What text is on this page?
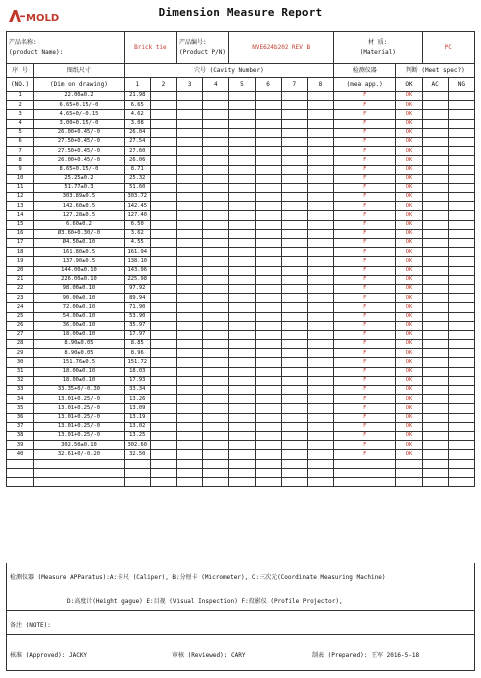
MOLD	Dimension Measure Report
产品名称:
(product Name):		Brick tie		产品编号:
(Product P/N)		NVE624b202 REV B				材 质:
(Material)		PC	
序 号	图纸尺寸	穴号 (Cavity Number)								检测仪器	判断 (Meet spec?)		
(NO.)	(Dim on drawing)	1	2	3	4	5	6	7	8	(mea app.)	OK	AC	NG
1	22.00±0.2	21.98								F	OK		
2	6.65+0.15/-0	6.65								F	OK		
3	4.65+0/-0.15	4.62								F	OK		
4	3.00+0.15/-0	3.08								F	OK		
5	26.00+0.45/-0	26.04								F	OK		
6	27.50+0.45/-0	27.54								F	OK		
7	27.50+0.45/-0	27.60								F	OK		
8	26.00+0.45/-0	26.06								F	OK		
9	8.65+0.15/-0	8.71								F	OK		
10	25.25±0.2	25.32								F	OK		
11	51.77±0.3	51.60								F	OK		
12	303.89±0.5	303.72								F	OK		
13	142.60±0.5	142.45								F	OK		
14	127.28±0.5	127.40								F	OK		
15	6.60±0.2	6.50								F	OK		
16	Ø3.60+0.30/-0	3.62								F	OK		
17	Ø4.50±0.10	4.55								F	OK		
18	161.80±0.5	161.94								F	OK		
19	137.90±0.5	138.10								F	OK		
20	144.00±0.10	143.96								F	OK		
21	226.00±0.10	225.98								F	OK		
22	98.00±0.10	97.92								F	OK		
23	90.00±0.10	89.94								F	OK		
24	72.00±0.10	71.90								F	OK		
25	54.00±0.10	53.90								F	OK		
26	36.00±0.10	35.97								F	OK		
27	18.00±0.10	17.97								F	OK		
28	8.90±0.05	8.85								F	OK		
29	8.90±0.05	8.96								F	OK		
30	151.76±0.5	151.72								F	OK		
31	18.00±0.10	18.03								F	OK		
32	18.00±0.10	17.93								F	OK		
33	33.35+0/-0.30	33.34								F	OK		
34	13.01+0.25/-0	13.26								F	OK		
35	13.01+0.25/-0	13.09								F	OK		
36	13.01+0.25/-0	13.19								F	OK		
37	13.01+0.25/-0	13.02								F	OK		
38	13.01+0.25/-0	13.25								F	OK		
39	302.50±0.10	302.60								F	OK		
40	32.61+0/-0.20	32.50								F	OK		

检测仪器 (Measure APParatus):A:卡尺 (Caliper), B:分厘卡 (Micrometer), C:三次元(Coordinate Measuring Machine)
D:高度计(Height gague) E:目视 (Visual Inspection) F:投影仪 (Profile Projector),
备注 (NOTE):
核准 (Approved): JACKY	审核 (Reviewed): CARY	制表 (Prepared): 王军 2016-5-18
